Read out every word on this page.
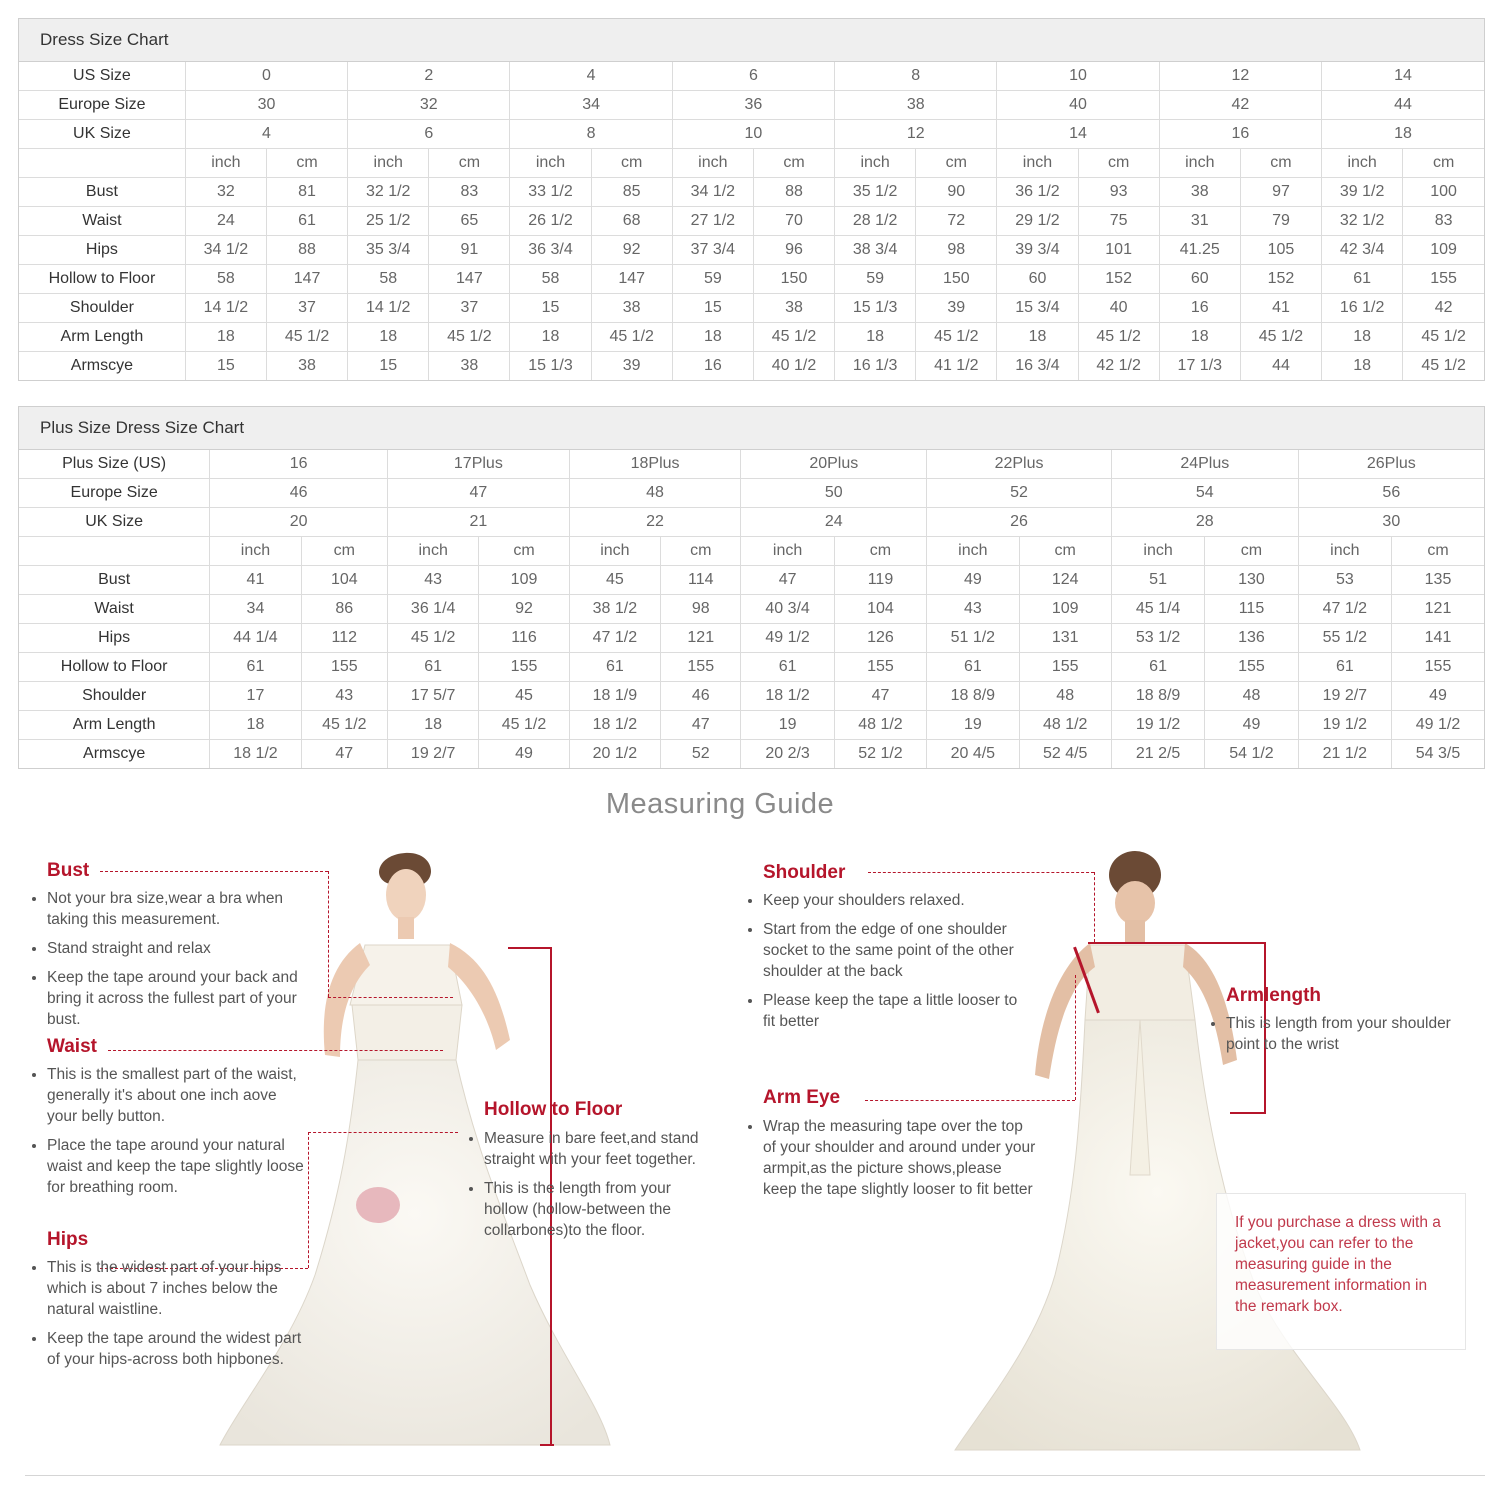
Dress Size Chart
US Size	0		2		4		6		8		10		12		14	
Europe Size	30		32		34		36		38		40		42		44	
UK Size	4		6		8		10		12		14		16		18	
	inch	cm	inch	cm	inch	cm	inch	cm	inch	cm	inch	cm	inch	cm	inch	cm
Bust	32	81	32 1/2	83	33 1/2	85	34 1/2	88	35 1/2	90	36 1/2	93	38	97	39 1/2	100
Waist	24	61	25 1/2	65	26 1/2	68	27 1/2	70	28 1/2	72	29 1/2	75	31	79	32 1/2	83
Hips	34 1/2	88	35 3/4	91	36 3/4	92	37 3/4	96	38 3/4	98	39 3/4	101	41.25	105	42 3/4	109
Hollow to Floor	58	147	58	147	58	147	59	150	59	150	60	152	60	152	61	155
Shoulder	14 1/2	37	14 1/2	37	15	38	15	38	15 1/3	39	15 3/4	40	16	41	16 1/2	42
Arm Length	18	45 1/2	18	45 1/2	18	45 1/2	18	45 1/2	18	45 1/2	18	45 1/2	18	45 1/2	18	45 1/2
Armscye	15	38	15	38	15 1/3	39	16	40 1/2	16 1/3	41 1/2	16 3/4	42 1/2	17 1/3	44	18	45 1/2
Plus Size Dress Size Chart
Plus Size (US)	16		17Plus		18Plus		20Plus		22Plus		24Plus		26Plus	
Europe Size	46		47		48		50		52		54		56	
UK Size	20		21		22		24		26		28		30	
	inch	cm	inch	cm	inch	cm	inch	cm	inch	cm	inch	cm	inch	cm
Bust	41	104	43	109	45	114	47	119	49	124	51	130	53	135
Waist	34	86	36 1/4	92	38 1/2	98	40 3/4	104	43	109	45 1/4	115	47 1/2	121
Hips	44 1/4	112	45 1/2	116	47 1/2	121	49 1/2	126	51 1/2	131	53 1/2	136	55 1/2	141
Hollow to Floor	61	155	61	155	61	155	61	155	61	155	61	155	61	155
Shoulder	17	43	17 5/7	45	18 1/9	46	18 1/2	47	18 8/9	48	18 8/9	48	19 2/7	49
Arm Length	18	45 1/2	18	45 1/2	18 1/2	47	19	48 1/2	19	48 1/2	19 1/2	49	19 1/2	49 1/2
Armscye	18 1/2	47	19 2/7	49	20 1/2	52	20 2/3	52 1/2	20 4/5	52 4/5	21 2/5	54 1/2	21 1/2	54 3/5
Measuring Guide
Bust
• Not your bra size,wear a bra when taking this measurement.
• Stand straight and relax
• Keep the tape around your back and bring it across the fullest part of your bust.
Waist
• This is the smallest part of the waist, generally it's about one inch aove your belly button.
• Place the tape around your natural waist and keep the tape slightly loose for breathing room.
Hips
• This is the widest part of your hips which is about 7 inches below the natural waistline.
• Keep the tape around the widest part of your hips-across both hipbones.
Hollow to Floor
• Measure in bare feet,and stand straight with your feet together.
• This is the length from your hollow (hollow-between the collarbones)to the floor.
Shoulder
• Keep your shoulders relaxed.
• Start from the edge of one shoulder socket to the same point of the other shoulder at the back
• Please keep the tape a little looser to fit better
Armlength
• This is length from your shoulder point to the wrist
Arm Eye
• Wrap the measuring tape over the top of your shoulder and around under your armpit,as the picture shows,please keep the tape slightly looser to fit better

If you purchase a dress with a jacket,you can refer to the measuring guide in the measurement information in the remark box.
